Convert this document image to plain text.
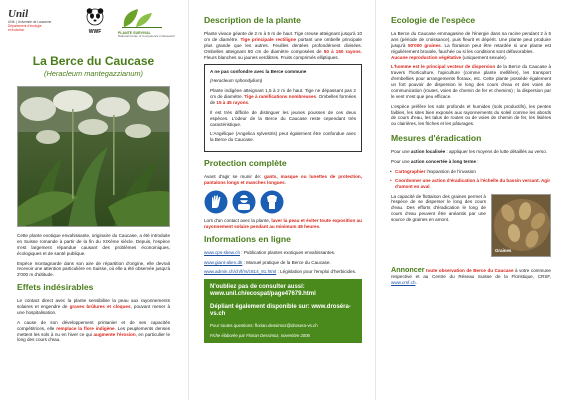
Unil
UNIL | Université de Lausanne
Département d'écologie
et évolution	WWF	PLANTE SURVIVAL
National Center of Competence in Research
La Berce du Caucase
(Heracleum mantegazzianum)

Cette plante exotique envahissante, originaire du Caucase, a été introduite en Suisse romande à partir de la fin du XIXème siècle. Depuis, l'espèce s'est largement répandue causant des problèmes économiques, écologiques et de santé publique.

Espèce montagnarde dans son aire de répartition d'origine, elle devrait recevoir une attention particulière en Suisse, où elle a été observée jusqu'à 2'000 m d'altitude.

Effets indésirables

Le contact direct avec la plante sensibilise la peau aux rayonnements solaires et engendre de graves brûlures et cloques, pouvant mener à une hospitalisation.

A cause de son développement printanier et de ses capacités compétitrices, elle remplace la flore indigène. Les peuplements denses mettent les sols à nu en hiver ce qui augmente l'érosion, en particulier le long des cours d'eau.

Description de la plante

Plante vivace géante de 2 m à 5 m de haut. Tige creuse atteignant jusqu'à 10 cm de diamètre. Tige principale rectiligne portant une ombelle principale plus grande que les autres. Feuilles dentées profondément divisées. Ombelles atteignant 80 cm de diamètre composées de 50 à 150 rayons. Fleurs blanches ou jaunes verdâtres. Fruits comprimés elliptiques.

A ne pas confondre avec la Berce commune

(Heracleum sphondylium)

Plante indigène atteignant 1,5 à 2 m de haut. Tige ne dépassant pas 2 cm de diamètre. Tige à ramifications nombreuses. Ombelles formées de 15 à 45 rayons.

Il est très difficile de distinguer les jeunes pousses de ces deux espèces. L'odeur de la Berce du Caucase reste cependant très caractéristique.

L'Angélique (Angelica sylvestris) peut également être confondue avec la Berce du Caucase.

Protection complète

Avant d'agir se munir de: gants, masque ou lunettes de protection, pantalons longs et manches longues.

Lors d'un contact avec la plante, laver la peau et éviter toute exposition au rayonnement solaire pendant au minimum 48 heures.

Informations en ligne

www.cps-skew.ch : Publication plantes exotiques envahissantes.

www.giant-alien.dk : Manuel pratique de la Berce du Caucase.

www.admin.ch/ch/f/rs/c814_81.html : Législation pour l'emploi d'herbicides.

N'oubliez pas de consulter aussi: www.unil.ch/ecospat/page47679.html
Dépliant également disponible sur: www.droséra-vs.ch
Pour toutes questions: florian.dessimoz@drosera-vs.ch
Fiche élaborée par Florian Dessimoz, novembre 2006
Ecologie de l'espèce

La Berce du Caucase emmagasine de l'énergie dans sa racine pendant 2 à 5 ans (période de croissance), puis fleurit et dépérit. Une plante peut produire jusqu'à 50'000 graines. La floraison peut être retardée si une plante est régulièrement broutée, fauchée ou si les conditions sont défavorables.
Aucune reproduction végétative (uniquement sexuée).

L'homme est le principal vecteur de dispersion de la Berce du Caucase à travers l'horticulture, l'apiculture (comme plante mellifère), les transport d'embellies pour arrangements floraux, etc. Cette plante possède également un fort pouvoir de dispersion le long des cours d'eau et des voies de communication (routes, voies de chemin de fer et chemins) ; la dispersion par le vent n'est que peu efficace.

L'espèce préfère les sols profonds et humides (sols productifs), les pentes faibles, les sites bien exposés aux rayonnements du soleil comme les abords de cours d'eau, les talus de routes ou de voies de chemin de fer, les lisières ou clairières, les friches et les pâturages.

Mesures d'éradication

Pour une action localisée : appliquer les moyens de lutte détaillés au verso.

Pour une action concertée à long terme :

• Cartographier l'expansion de l'invasion
• Coordonner une action d'éradication à l'échelle du bassin versant. Agir d'amont en aval
Graines

La capacité de flottaison des graines permet à l'espèce de se disperser le long des cours d'eau. Des efforts d'éradication le long de cours d'eau peuvent être anéantis par une source de graines en amont.

Annoncer toute observation de Berce du Caucase à votre commune respective et au Centre du Réseau Suisse de la Floristique, CRSF, www.crsf.ch.
